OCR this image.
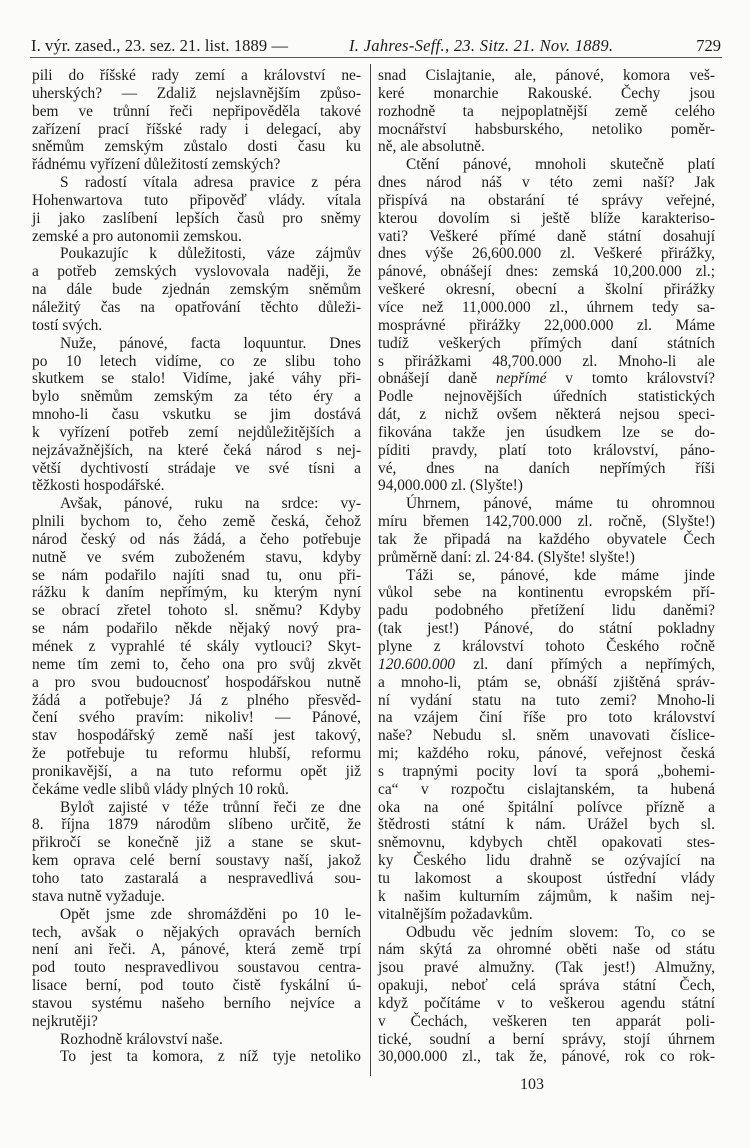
I. výr. zased., 23. sez. 21. list. 1889 —	I. Jahres-Seff., 23. Sitz. 21. Nov. 1889.	729
pili do říšské rady zemí a království ne-
uherských? — Zdaliž nejslavnějším způso-
bem ve trůnní řeči nepřipověděla takové
zařízení prací říšské rady i delegací, aby
sněmům zemským zůstalo dosti času ku
řádnému vyřízení důležitostí zemských?
S radostí vítala adresa pravice z péra
Hohenwartova tuto připověď vlády. vítala
ji jako zaslíbení lepších časů pro sněmy
zemské a pro autonomii zemskou.
Poukazujíc k důležitosti, váze zájmův
a potřeb zemských vyslovovala naději, že
na dále bude zjednán zemským sněmům
náležitý čas na opatřování těchto důleži-
tostí svých.
Nuže, pánové, facta loquuntur. Dnes
po 10 letech vidíme, co ze slibu toho
skutkem se stalo! Vidíme, jaké váhy při-
bylo sněmům zemským za této éry a
mnoho-li času vskutku se jim dostává
k vyřízení potřeb zemí nejdůležitějších a
nejzávažnějších, na které čeká národ s nej-
větší dychtivostí strádaje ve své tísni a
těžkosti hospodářské.
Avšak, pánové, ruku na srdce: vy-
plnili bychom to, čeho země česká, čehož
národ český od nás žádá, a čeho potřebuje
nutně ve svém zuboženém stavu, kdyby
se nám podařilo najíti snad tu, onu při-
rážku k daním nepřímým, ku kterým nyní
se obrací zřetel tohoto sl. sněmu? Kdyby
se nám podařilo někde nějaký nový pra-
mének z vyprahlé té skály vytlouci? Skyt-
neme tím zemi to, čeho ona pro svůj zkvět
a pro svou budoucnosť hospodářskou nutně
žádá a potřebuje? Já z plného přesvěd-
čení svého pravím: nikoliv! — Pánové,
stav hospodářský země naší jest takový,
že potřebuje tu reformu hlubší, reformu
pronikavější, a na tuto reformu opět již
čekáme vedle slibů vlády plných 10 roků.
Bylo̊t zajisté v téže trůnní řeči ze dne
8. října 1879 národům slíbeno určitě, že
přikročí se konečně již a stane se skut-
kem oprava celé berní soustavy naší, jakož
toho tato zastaralá a nespravedlivá sou-
stava nutně vyžaduje.
Opět jsme zde shromážděni po 10 le-
tech, avšak o nějakých opravách berních
není ani řeči. A, pánové, která země trpí
pod touto nespravedlivou soustavou centra-
lisace berní, pod touto čistě fyskální ú-
stavou systému našeho berního nejvíce a
nejkrutěji?
Rozhodně království naše.
To jest ta komora, z níž tyje netoliko
snad Cislajtanie, ale, pánové, komora veš-
keré monarchie Rakouské. Čechy jsou
rozhodně ta nejpoplatnější země celého
mocnářství habsburského, netoliko poměr-
ně, ale absolutně.
Ctění pánové, mnoholi skutečně platí
dnes národ náš v této zemi naší? Jak
přispívá na obstarání té správy veřejné,
kterou dovolím si ještě blíže karakteriso-
vati? Veškeré přímé daně státní dosahují
dnes výše 26,600.000 zl. Veškeré přirážky,
pánové, obnášejí dnes: zemská 10,200.000 zl.;
veškeré okresní, obecní a školní přirážky
více než 11,000.000 zl., úhrnem tedy sa-
mosprávné přirážky 22,000.000 zl. Máme
tudíž veškerých přímých daní státních
s přirážkami 48,700.000 zl. Mnoho-li ale
obnášejí daně nepřímé v tomto království?
Podle nejnovějších úředních statistických
dát, z nichž ovšem některá nejsou speci-
fikována takže jen úsudkem lze se do-
píditi pravdy, platí toto království, páno-
vé, dnes na daních nepřímých říši
94,000.000 zl. (Slyšte!)
Úhrnem, pánové, máme tu ohromnou
míru břemen 142,700.000 zl. ročně, (Slyšte!)
tak že připadá na každého obyvatele Čech
průměrně daní: zl. 24·84. (Slyšte! slyšte!)
Táži se, pánové, kde máme jinde
vůkol sebe na kontinentu evropském pří-
padu podobného přetížení lidu daněmi?
(tak jest!) Pánové, do státní pokladny
plyne z království tohoto Českého ročně
120.600.000 zl. daní přímých a nepřímých,
a mnoho-li, ptám se, obnáší zjištěná správ-
ní vydání statu na tuto zemi? Mnoho-li
na vzájem činí říše pro toto království
naše? Nebudu sl. sněm unavovati číslice-
mi; každého roku, pánové, veřejnost česká
s trapnými pocity loví ta sporá „bohemi-
ca“ v rozpočtu cislajtanském, ta hubená
oka na oné špitální polívce přízně a
štědrosti státní k nám. Urážel bych sl.
sněmovnu, kdybych chtěl opakovati stes-
ky Českého lidu drahně se ozývající na
tu lakomost a skoupost ústřední vlády
k našim kulturním zájmům, k našim nej-
vitalnějším požadavkům.
Odbudu věc jedním slovem: To, co se
nám skýtá za ohromné oběti naše od státu
jsou pravé almužny. (Tak jest!) Almužny,
opakuji, neboť celá správa státní Čech,
když počítáme v to veškerou agendu státní
v Čechách, veškeren ten apparát poli-
tické, soudní a berní správy, stojí úhrnem
30,000.000 zl., tak že, pánové, rok co rok-
103
